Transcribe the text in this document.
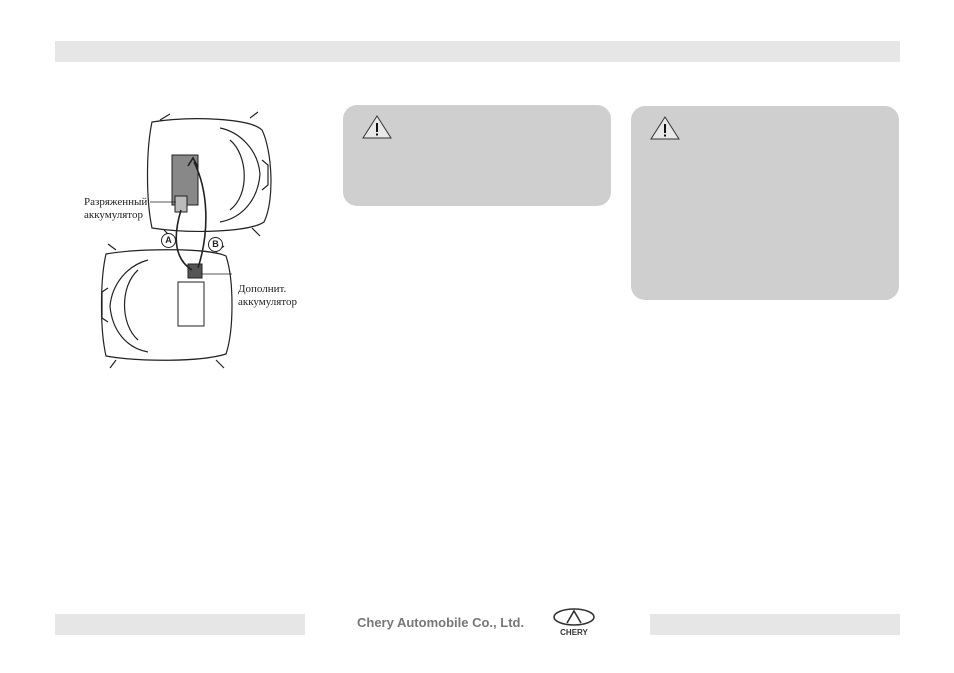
Разряженный
аккумулятор
Дополнит.
аккумулятор
A	B
Chery Automobile Co., Ltd.
CHERY
